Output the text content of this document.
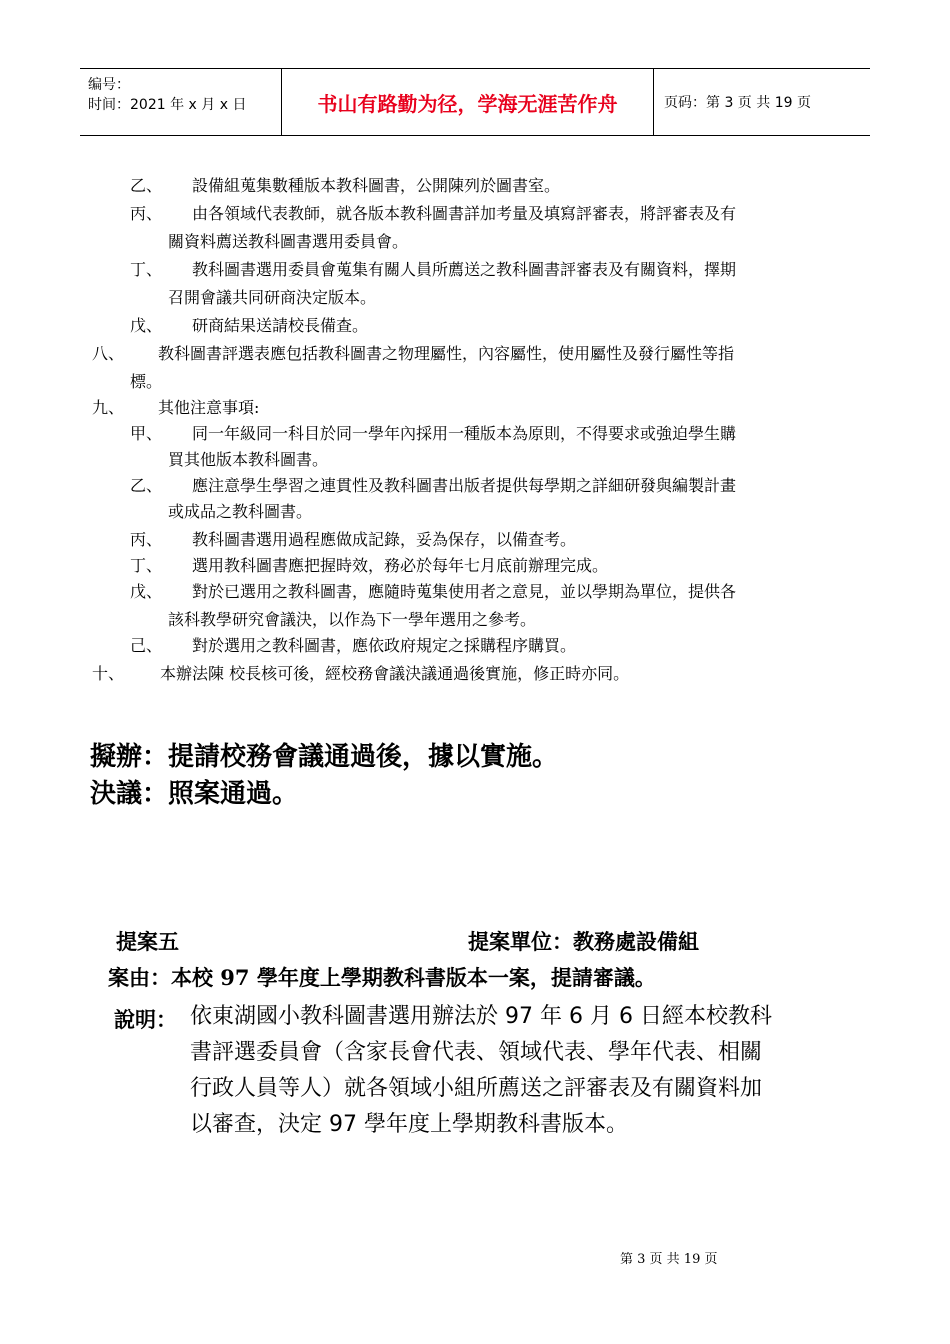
编号：
时间：2021 年 x 月 x 日	书山有路勤为径，学海无涯苦作舟	页码：第 3 页 共 19 页
乙、 設備組蒐集數種版本教科圖書，公開陳列於圖書室。
丙、 由各領域代表教師，就各版本教科圖書詳加考量及填寫評審表，將評審表及有
關資料薦送教科圖書選用委員會。
丁、 教科圖書選用委員會蒐集有關人員所薦送之教科圖書評審表及有關資料，擇期
召開會議共同研商決定版本。
戊、 研商結果送請校長備查。
八、 教科圖書評選表應包括教科圖書之物理屬性，內容屬性，使用屬性及發行屬性等指
標。
九、 其他注意事項:
甲、 同一年級同一科目於同一學年內採用一種版本為原則，不得要求或強迫學生購
買其他版本教科圖書。
乙、 應注意學生學習之連貫性及教科圖書出版者提供每學期之詳細研發與編製計畫
或成品之教科圖書。
丙、 教科圖書選用過程應做成記錄，妥為保存，以備查考。
丁、 選用教科圖書應把握時效，務必於每年七月底前辦理完成。
戊、 對於已選用之教科圖書，應隨時蒐集使用者之意見，並以學期為單位，提供各
該科教學研究會議決，以作為下一學年選用之參考。
己、 對於選用之教科圖書，應依政府規定之採購程序購買。
十、 本辦法陳 校長核可後，經校務會議決議通過後實施，修正時亦同。
擬辦：提請校務會議通過後，據以實施。
決議：照案通過。
提案五	提案單位：教務處設備組
案由：本校 97 學年度上學期教科書版本一案，提請審議。
說明： 依東湖國小教科圖書選用辦法於 97 年 6 月 6 日經本校教科
書評選委員會（含家長會代表、領域代表、學年代表、相關
行政人員等人）就各領域小組所薦送之評審表及有關資料加
以審查，決定 97 學年度上學期教科書版本。
第 3 页 共 19 页
